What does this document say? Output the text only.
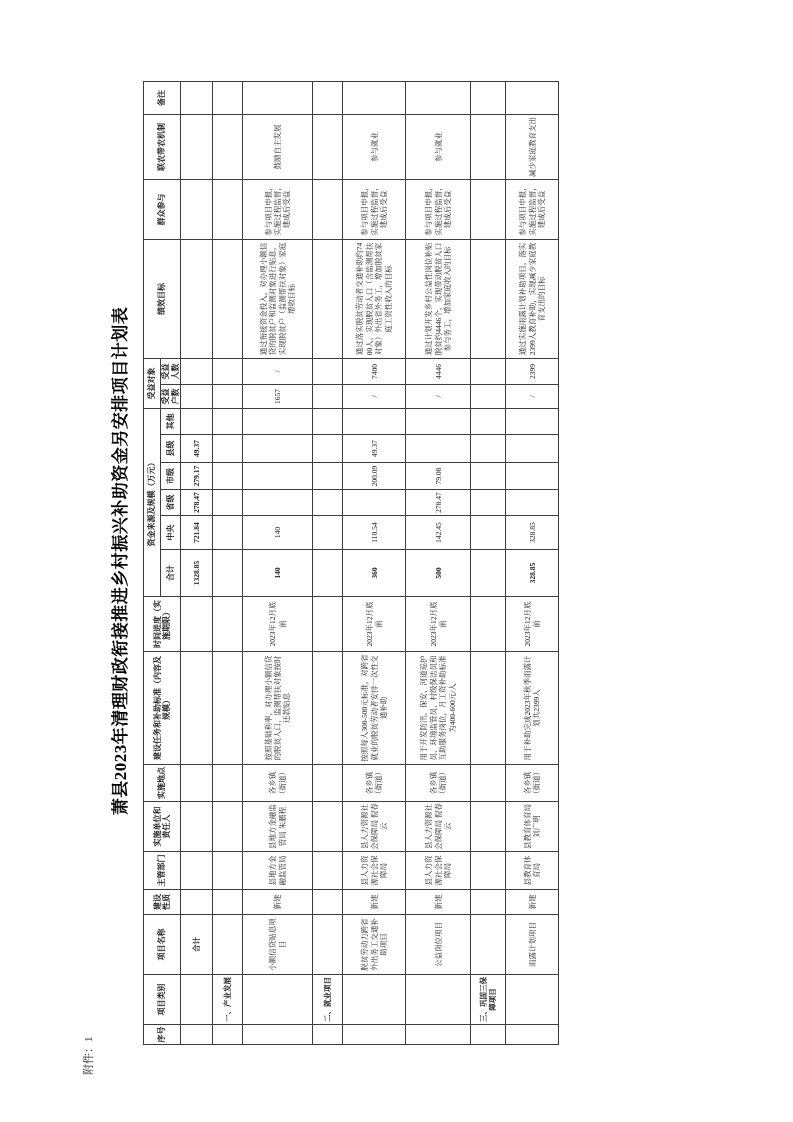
附件：1
萧县2023年清理财政衔接推进乡村振兴补助资金另安排项目计划表
序号	项目类别	项目名称	建设性质	主管部门	实施单位和责任人	实施地点	建设任务和补助标准（内容及规模）	时间进度（实施期限）	资金来源及规模（万元）						受益对象		绩效目标	群众参与	联农带农机制	备注
									合计	中央	省级	市级	县级	其他	受益户数	受益人数				
		合计							1328.85	721.84	278.47	279.17	49.37							
	一、产业发展																			
		小额信贷贴息项目	新建	县地方金融监管局	县地方金融监管局 朱鹏程	各乡镇（街道）	按照基础利率，对办理小额信贷的脱贫人口、监测帮扶对象按时还款贴息	2023年12月底前	140	140					1657	/	通过衔接资金投入，对办理小额信贷的脱贫户和监测对象进行贴息，实现脱贫户（监测帮扶对象）家庭增收目标	参与项目申报，实施过程监督，建成后受益	鼓励自主发展	
	二、就业项目																			
		脱贫劳动力跨省外出务工交通补助项目	新建	县人力资源社会保障局	县人力资源社会保障局 倪春云	各乡镇（街道）	按照每人300-500元标准，对跨省就业的脱贫劳动者安排一次性交通补助	2023年12月底前	360	110.54		200.09	49.37		/	7400	通过落实脱贫劳动者交通补助约7400人，实现脱贫人口（含监测帮扶对象）外出省外务工，增加脱贫家庭工资性收入的目标	参与项目申报，实施过程监督，建成后受益	参与就业	
		公益岗位项目	新建	县人力资源社会保障局	县人力资源社会保障局 倪春云	各乡镇（街道）	用于开发防汛、保安、河道巡护员、环境监管员、村级保洁员和互助服务岗位，月工资补助标准为400-600元/人	2023年12月底前	500	142.45	278.47	79.08			/	4446	通过计划开发乡村公益性岗位补贴脱贫约4446个，实现带动脱贫人口参与务工，增加家庭收入的目标	参与项目申报，实施过程监督，建成后受益	参与就业	
	三、巩固三保障项目																			
		雨露计划项目	新建	县教育体育局	县教育体育局 刘广明	各乡镇（街道）	用于补助完成2023年秋季雨露计划共2399人	2023年12月底前	328.85	328.85					/	2399	通过实施雨露计划补助项目，落实2399人教育补助，实现减少家庭教育支出的目标	参与项目申报，实施过程监督，建成后受益	减少家庭教育支出	
